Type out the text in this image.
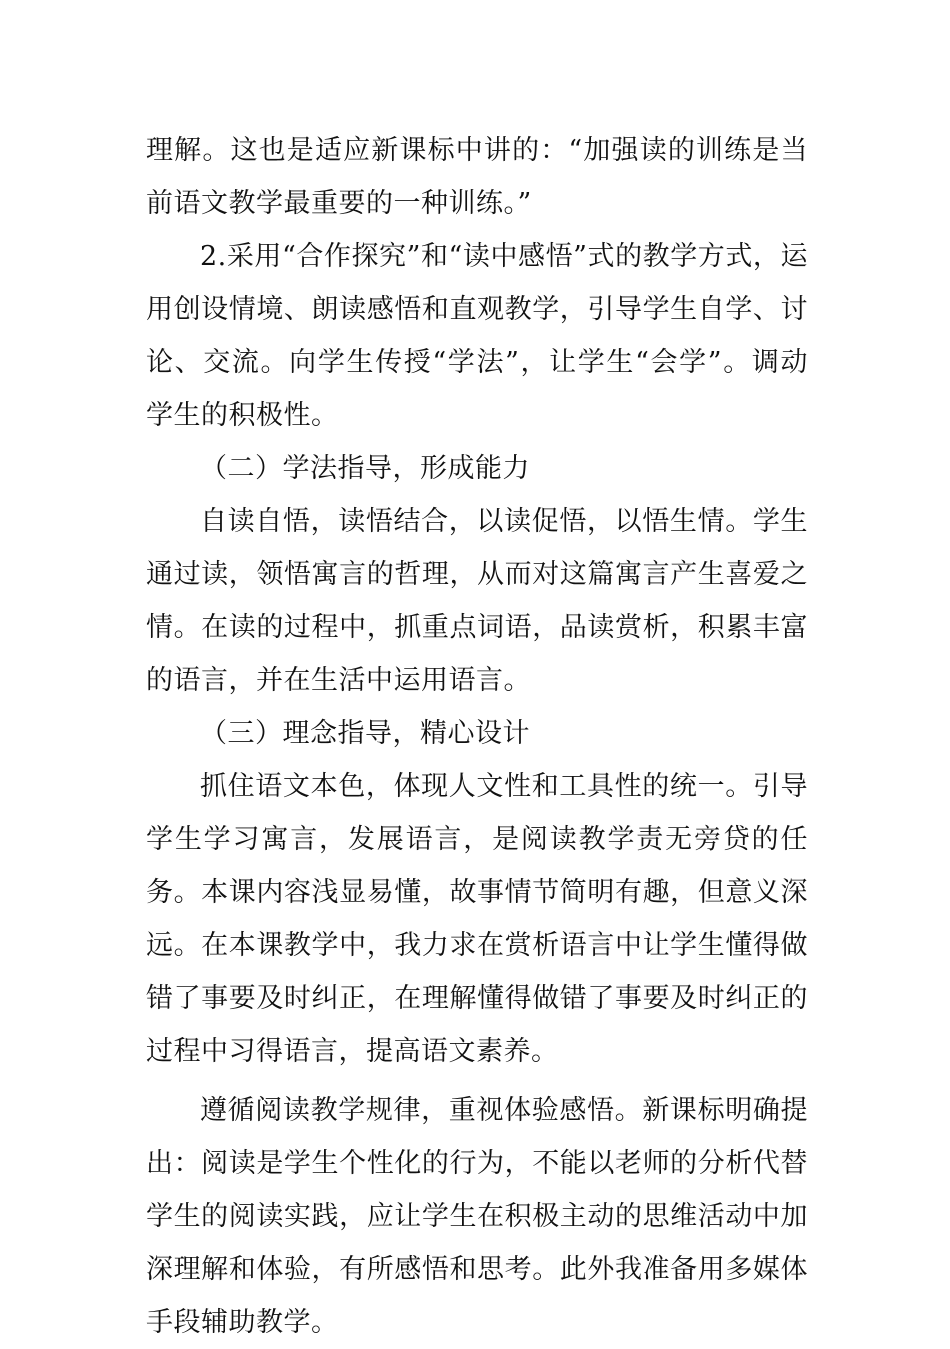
理解。这也是适应新课标中讲的：“加强读的训练是当前语文教学最重要的一种训练。”

2.采用“合作探究”和“读中感悟”式的教学方式，运用创设情境、朗读感悟和直观教学，引导学生自学、讨论、交流。向学生传授“学法”，让学生“会学”。调动学生的积极性。

（二）学法指导，形成能力

自读自悟，读悟结合，以读促悟，以悟生情。学生通过读，领悟寓言的哲理，从而对这篇寓言产生喜爱之情。在读的过程中，抓重点词语，品读赏析，积累丰富的语言，并在生活中运用语言。

（三）理念指导，精心设计

抓住语文本色，体现人文性和工具性的统一。引导学生学习寓言，发展语言，是阅读教学责无旁贷的任务。本课内容浅显易懂，故事情节简明有趣，但意义深远。在本课教学中，我力求在赏析语言中让学生懂得做错了事要及时纠正，在理解懂得做错了事要及时纠正的过程中习得语言，提高语文素养。

遵循阅读教学规律，重视体验感悟。新课标明确提出：阅读是学生个性化的行为，不能以老师的分析代替学生的阅读实践，应让学生在积极主动的思维活动中加深理解和体验，有所感悟和思考。此外我准备用多媒体手段辅助教学。
